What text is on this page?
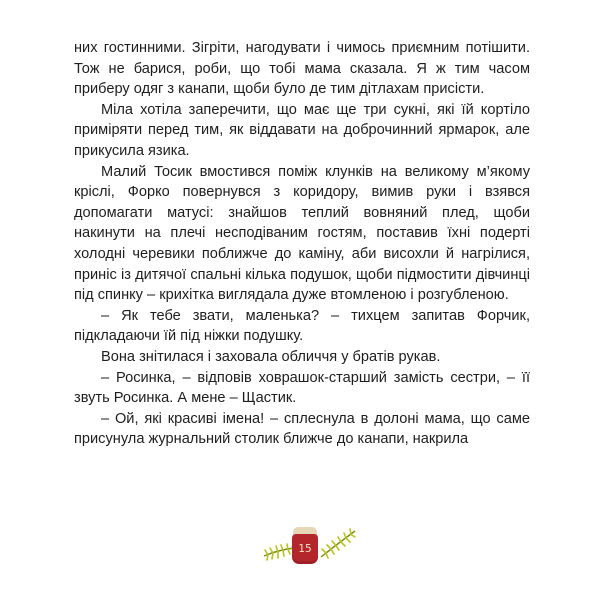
них гостинними. Зігріти, нагодувати і чимось приємним потішити. Тож не барися, роби, що тобі мама сказала. Я ж тим часом приберу одяг з канапи, щоби було де тим дітлахам присісти.

Міла хотіла заперечити, що має ще три сукні, які їй кортіло приміряти перед тим, як віддавати на доброчинний ярмарок, але прикусила язика.

Малий Тосик вмостився поміж клунків на великому м’якому кріслі, Форко повернувся з коридору, вимив руки і взявся допомагати матусі: знайшов теплий вовняний плед, щоби накинути на плечі несподіваним гостям, поставив їхні подерті холодні черевики поближче до каміну, аби висохли й нагрілися, приніс із дитячої спальні кілька подушок, щоби підмостити дівчинці під спинку – крихітка виглядала дуже втомленою і розгубленою.

– Як тебе звати, маленька? – тихцем запитав Форчик, підкладаючи їй під ніжки подушку.

Вона знітилася і заховала обличчя у братів рукав.

– Росинка, – відповів ховрашок-старший замість сестри, – її звуть Росинка. А мене – Щастик.

– Ой, які красиві імена! – сплеснула в долоні мама, що саме присунула журнальний столик ближче до канапи, накрила

15
